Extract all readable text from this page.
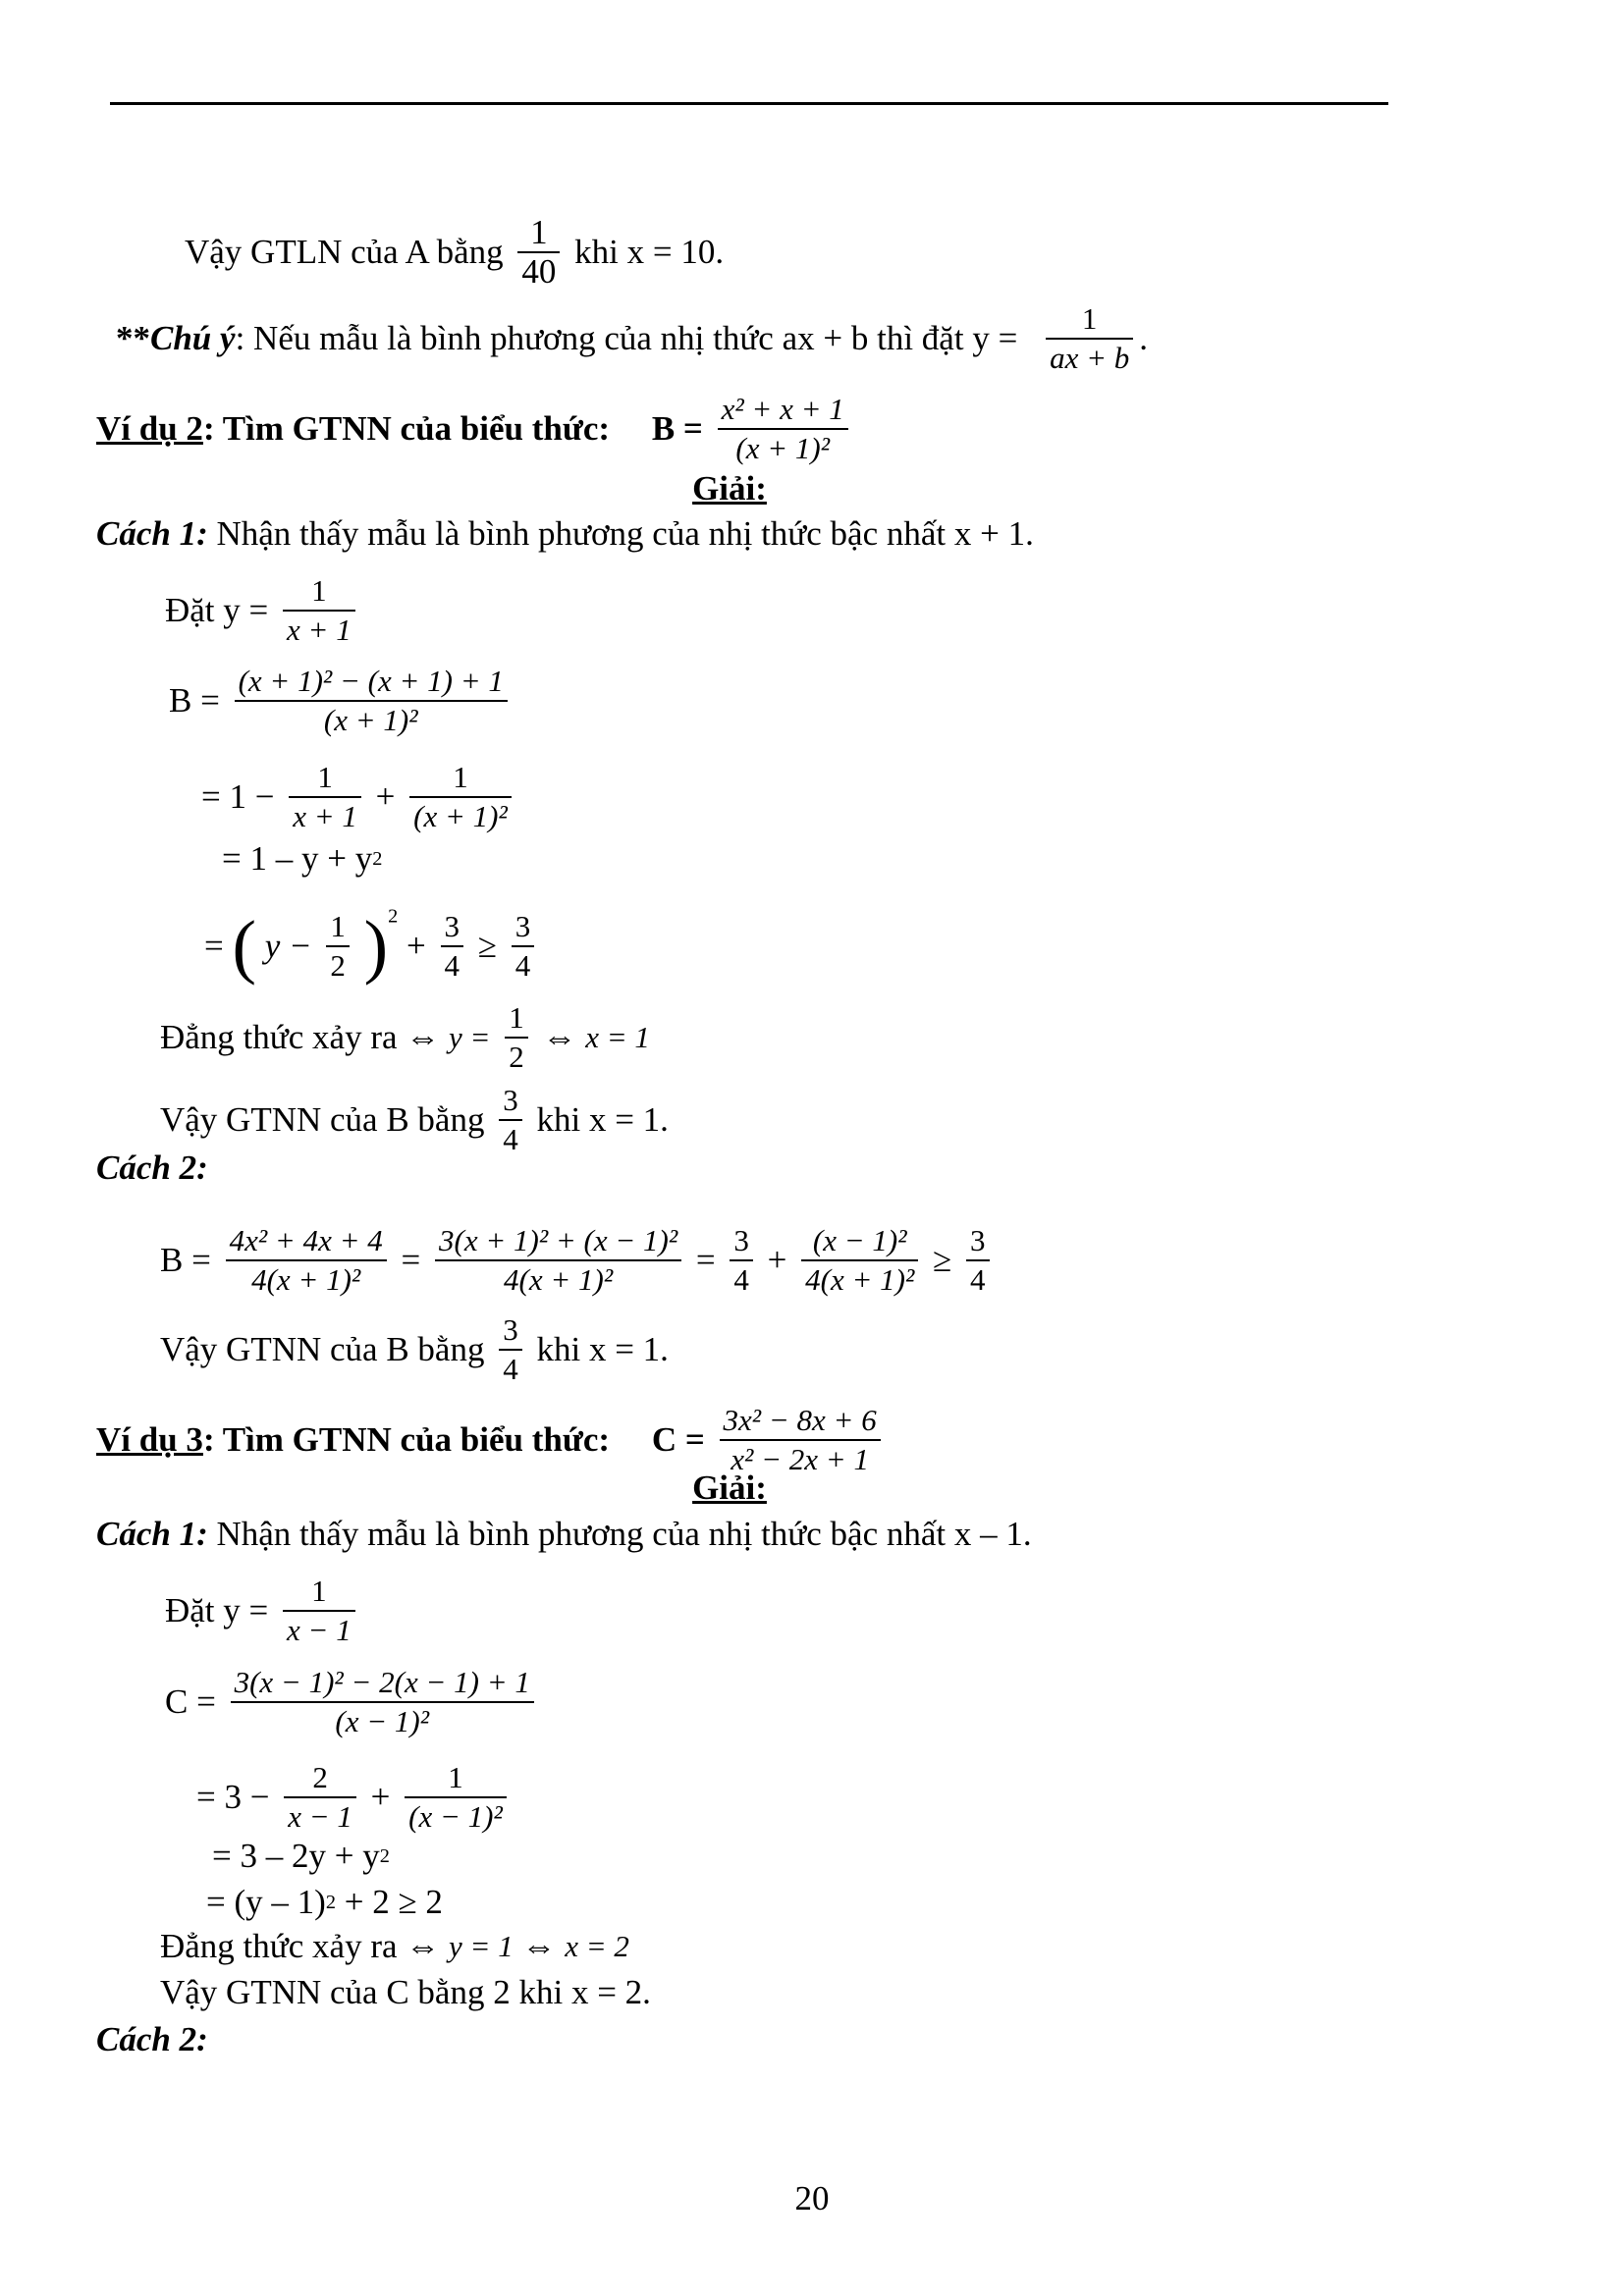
Vậy GTLN của A bằng $\frac{1}{40}$ khi x = 10.
**Chú ý: Nếu mẫu là bình phương của nhị thức ax + b thì đặt $y = \frac{1}{ax + b}$ .
Ví dụ 2: Tìm GTNN của biểu thức: $B = \frac{\text{x² + x + 1}}{\text{(x + 1)²}}$
Giải:
Cách 1: Nhận thấy mẫu là bình phương của nhị thức bậc nhất x + 1.
Đặt $y = \frac{1}{x + 1}$
$B = \frac{\text{(x + 1)² − (x + 1) + 1}}{\text{(x + 1)²}}$
= $1 - \frac{1}{x + 1} + \frac{1}{\text{(x + 1)²}}$
= 1 – y + y2
= ( $y - \frac{1}{2} )^2 + \frac{3}{4} \ge \frac{3}{4}$
Đẳng thức xảy ra ⇔ $y = \frac{1}{2}$ ⇔ x = 1
Vậy GTNN của B bằng $\frac{3}{4}$ khi x = 1.
Cách 2:
$B = \frac{\text{4x² + 4x + 4}}{\text{4(x + 1)²}} = \frac{\text{3(x + 1)² + (x − 1)²}}{\text{4(x + 1)²}} = \frac{3}{4} + \frac{\text{(x − 1)²}}{\text{4(x + 1)²}} \ge \frac{3}{4}$
Vậy GTNN của B bằng $\frac{3}{4}$ khi x = 1.
Ví dụ 3: Tìm GTNN của biểu thức: $C = \frac{\text{3x² − 8x + 6}}{\text{x² − 2x + 1}}$
Giải:
Cách 1: Nhận thấy mẫu là bình phương của nhị thức bậc nhất x – 1.
Đặt $y = \frac{1}{x - 1}$
$C = \frac{\text{3(x − 1)² − 2(x − 1) + 1}}{\text{(x − 1)²}}$
= $3 - \frac{2}{x - 1} + \frac{1}{\text{(x − 1)²}}$
= 3 – 2y + y2
= (y – 1)2 + 2 ≥ 2
Đẳng thức xảy ra ⇔ y = 1 ⇔ x = 2
Vậy GTNN của C bằng 2 khi x = 2.
Cách 2:
20
